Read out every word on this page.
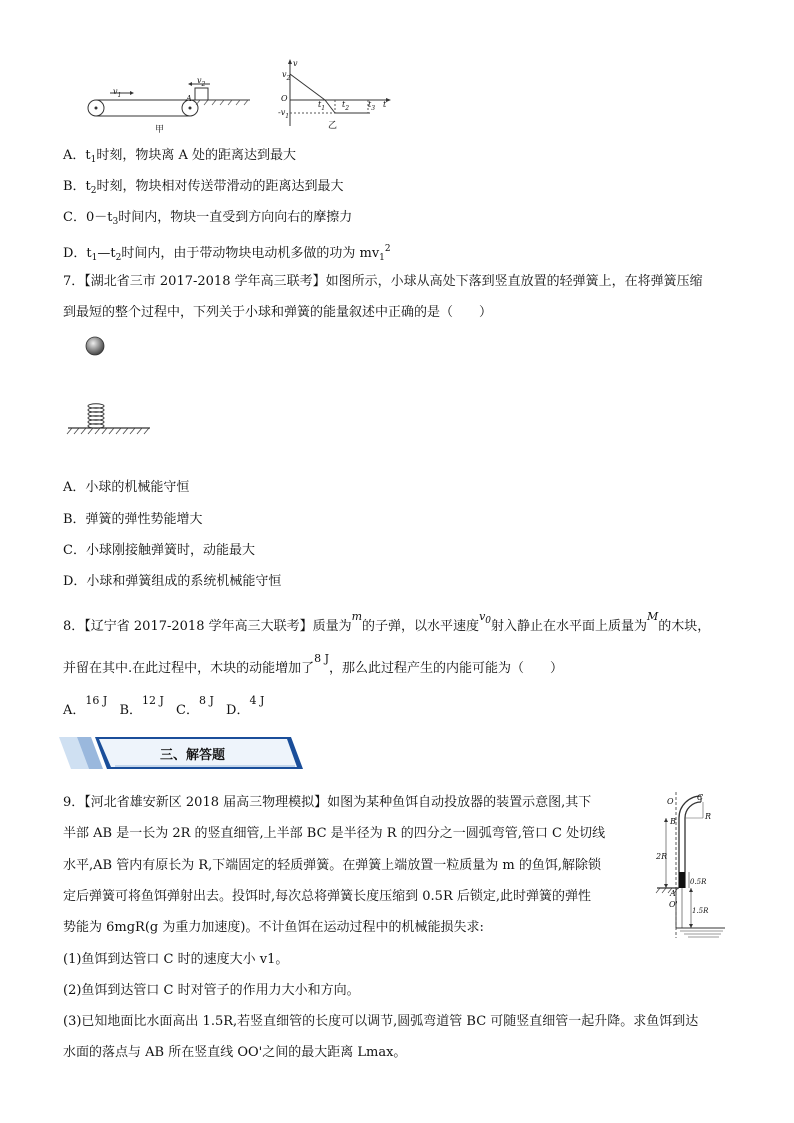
$v_1$	A
$v_2$
甲
v
$v_2$
O
$-v_1$
$t_1$ $t_2$ $t_3$ t
乙
A．$t_1$时刻，物块离 A 处的距离达到最大
B．$t_2$时刻，物块相对传送带滑动的距离达到最大
C．$0-t_3$时间内，物块一直受到方向向右的摩擦力
D．$t_1—t_2$时间内，由于带动物块电动机多做的功为 $mv_1^2$
7．【湖北省三市 2017-2018 学年高三联考】如图所示，小球从高处下落到竖直放置的轻弹簧上，在将弹簧压缩
到最短的整个过程中，下列关于小球和弹簧的能量叙述中正确的是（　　）
A．小球的机械能守恒
B．弹簧的弹性势能增大
C．小球刚接触弹簧时，动能最大
D．小球和弹簧组成的系统机械能守恒
8．【辽宁省 2017-2018 学年高三大联考】质量为$^m$的子弹，以水平速度$^{v_0}$射入静止在水平面上质量为$^M$的木块，
并留在其中.在此过程中，木块的动能增加了$^{8 J}$，那么此过程产生的内能可能为（　　）
A．$^{16 J}$ B．$^{12 J}$ C．$^{8 J}$ D．$^{4 J}$
三、解答题
9．【河北省雄安新区 2018 届高三物理模拟】如图为某种鱼饵自动投放器的装置示意图,其下
半部 AB 是一长为 2R 的竖直细管,上半部 BC 是半径为 R 的四分之一圆弧弯管,管口 C 处切线
水平,AB 管内有原长为 R,下端固定的轻质弹簧。在弹簧上端放置一粒质量为 m 的鱼饵,解除锁
定后弹簧可将鱼饵弹射出去。投饵时,每次总将弹簧长度压缩到 0.5R 后锁定,此时弹簧的弹性
势能为 6mgR(g 为重力加速度)。不计鱼饵在运动过程中的机械能损失求:
(1)鱼饵到达管口 C 时的速度大小 v1。
(2)鱼饵到达管口 C 时对管子的作用力大小和方向。
(3)已知地面比水面高出 1.5R,若竖直细管的长度可以调节,圆弧弯道管 BC 可随竖直细管一起升降。求鱼饵到达
水面的落点与 AB 所在竖直线 OO'之间的最大距离 Lmax。
O	C
B
R
2R
A
0.5R
O'
1.5R
